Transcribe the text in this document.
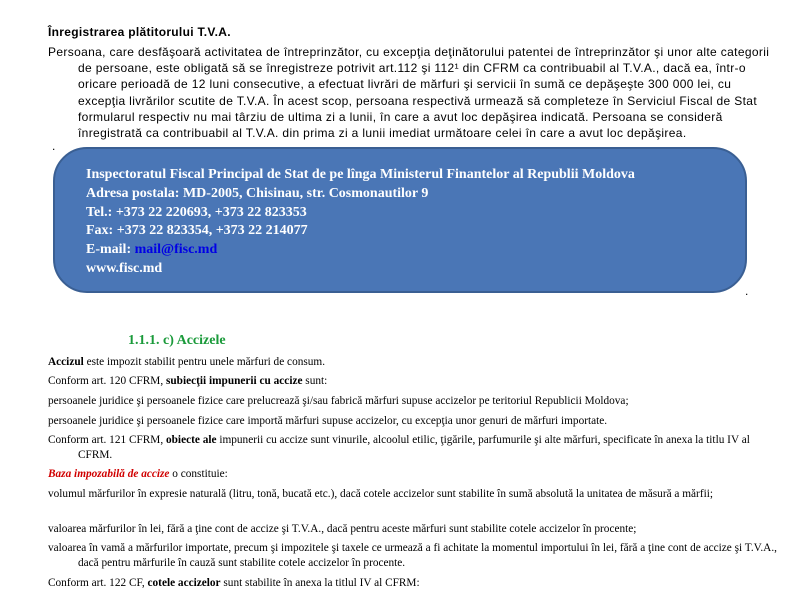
Înregistrarea plătitorului T.V.A.

Persoana, care desfăşoară activitatea de întreprinzător, cu excepţia deţinătorului patentei de întreprinzător şi unor alte categorii de persoane, este obligată să se înregistreze potrivit art.112 şi 112¹ din CFRM ca contribuabil al T.V.A., dacă ea, într-o oricare perioadă de 12 luni consecutive, a efectuat livrări de mărfuri şi servicii în sumă ce depăşeşte 300 000 lei, cu excepţia livrărilor scutite de T.V.A. În acest scop, persoana respectivă urmează să completeze în Serviciul Fiscal de Stat formularul respectiv nu mai târziu de ultima zi a lunii, în care a avut loc depăşirea indicată. Persoana se consideră înregistrată ca contribuabil al T.V.A. din prima zi a lunii imediat următoare celei în care a avut loc depăşirea.

.
.
Inspectoratul Fiscal Principal de Stat de pe lînga Ministerul Finantelor al Republii Moldova
Adresa postala: MD-2005, Chisinau, str. Cosmonautilor 9
Tel.: +373 22 220693, +373 22 823353
Fax: +373 22 823354, +373 22 214077
E-mail: mail@fisc.md
www.fisc.md
1.1.1. c) Accizele

Accizul este impozit stabilit pentru unele mărfuri de consum.

Conform art. 120 CFRM, subiecţii impunerii cu accize sunt:

persoanele juridice şi persoanele fizice care prelucrează şi/sau fabrică mărfuri supuse accizelor pe teritoriul Republicii Moldova;

persoanele juridice şi persoanele fizice care importă mărfuri supuse accizelor, cu excepţia unor genuri de mărfuri importate.

Conform art. 121 CFRM, obiecte ale impunerii cu accize sunt vinurile, alcoolul etilic, ţigările, parfumurile şi alte mărfuri, specificate în anexa la titlu IV al CFRM.

Baza impozabilă de accize o constituie:

volumul mărfurilor în expresie naturală (litru, tonă, bucată etc.), dacă cotele accizelor sunt stabilite în sumă absolută la unitatea de măsură a mărfii;

valoarea mărfurilor în lei, fără a ţine cont de accize şi T.V.A., dacă pentru aceste mărfuri sunt stabilite cotele accizelor în procente;

valoarea în vamă a mărfurilor importate, precum şi impozitele şi taxele ce urmează a fi achitate la momentul importului în lei, fără a ţine cont de accize şi T.V.A., dacă pentru mărfurile în cauză sunt stabilite cotele accizelor în procente.

Conform art. 122 CF, cotele accizelor sunt stabilite în anexa la titlul IV al CFRM:
